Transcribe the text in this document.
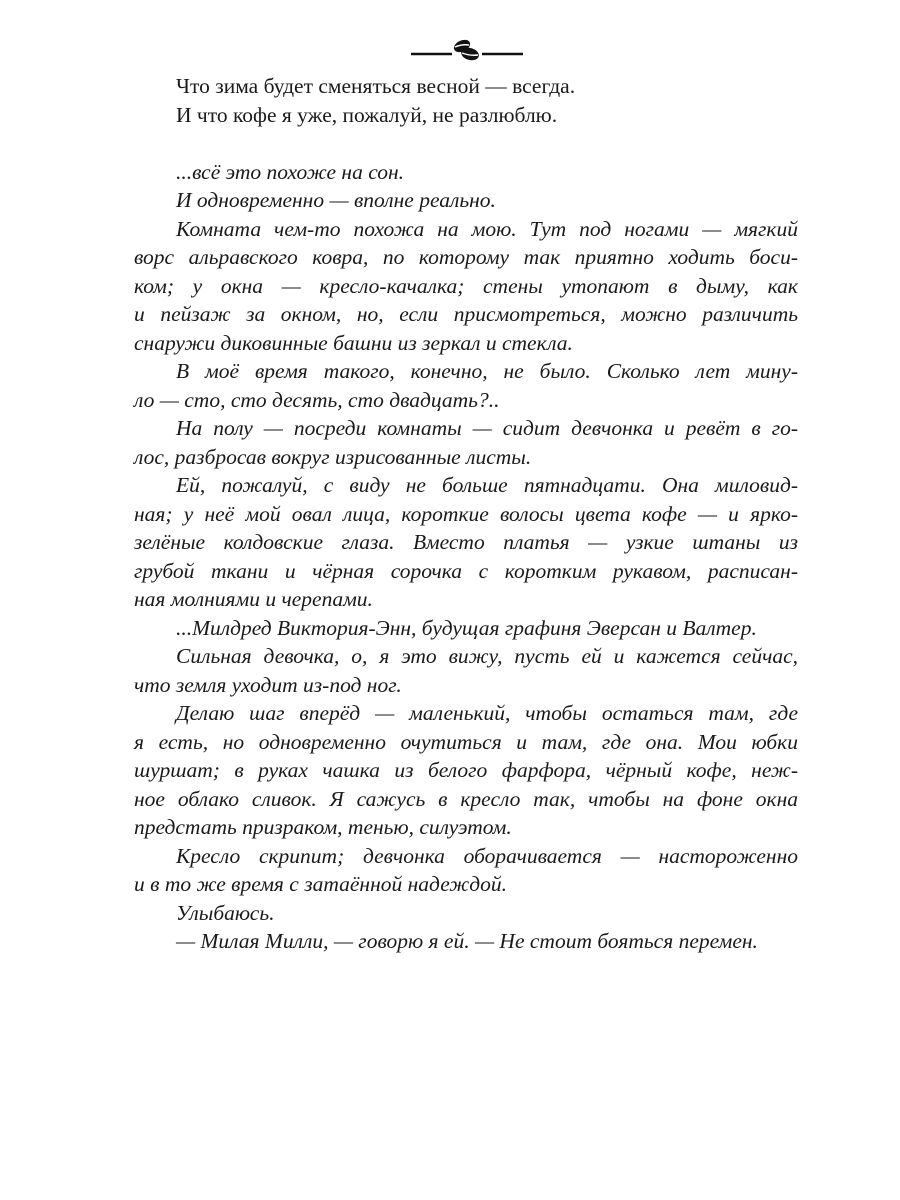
Что зима будет сменяться весной — всегда.
И что кофе я уже, пожалуй, не разлюблю.
...всё это похоже на сон.
И одновременно — вполне реально.
Комната чем-то похожа на мою. Тут под ногами — мягкий
ворс альравского ковра, по которому так приятно ходить боси-
ком; у окна — кресло-качалка; стены утопают в дыму, как
и пейзаж за окном, но, если присмотреться, можно различить
снаружи диковинные башни из зеркал и стекла.
В моё время такого, конечно, не было. Сколько лет мину-
ло — сто, сто десять, сто двадцать?..
На полу — посреди комнаты — сидит девчонка и ревёт в го-
лос, разбросав вокруг изрисованные листы.
Ей, пожалуй, с виду не больше пятнадцати. Она миловид-
ная; у неё мой овал лица, короткие волосы цвета кофе — и ярко-
зелёные колдовские глаза. Вместо платья — узкие штаны из
грубой ткани и чёрная сорочка с коротким рукавом, расписан-
ная молниями и черепами.
...Милдред Виктория-Энн, будущая графиня Эверсан и Валтер.
Сильная девочка, о, я это вижу, пусть ей и кажется сейчас,
что земля уходит из-под ног.
Делаю шаг вперёд — маленький, чтобы остаться там, где
я есть, но одновременно очутиться и там, где она. Мои юбки
шуршат; в руках чашка из белого фарфора, чёрный кофе, неж-
ное облако сливок. Я сажусь в кресло так, чтобы на фоне окна
предстать призраком, тенью, силуэтом.
Кресло скрипит; девчонка оборачивается — настороженно
и в то же время с затаённой надеждой.
Улыбаюсь.
— Милая Милли, — говорю я ей. — Не стоит бояться перемен.
